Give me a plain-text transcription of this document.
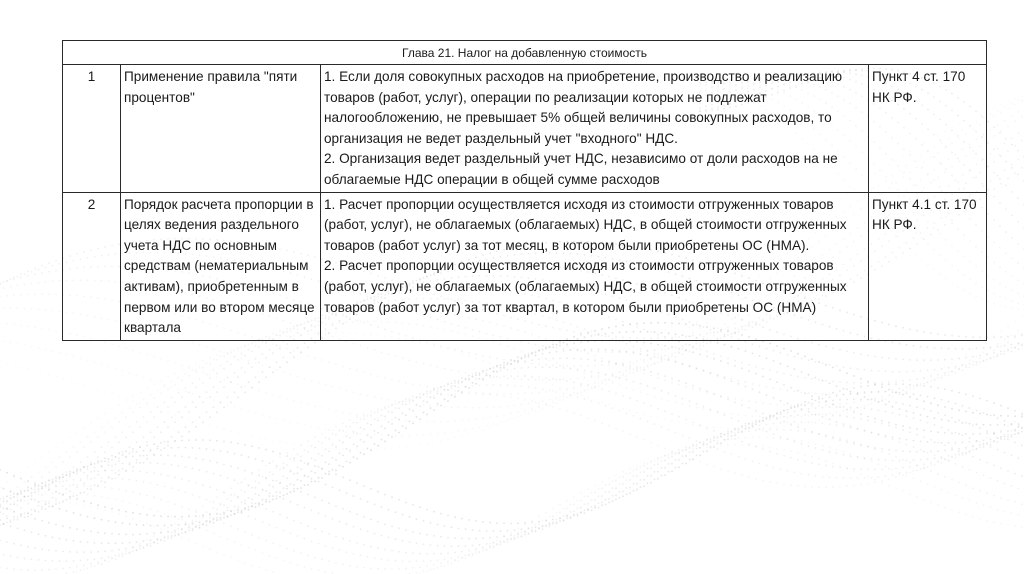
Глава 21. Налог на добавленную стоимость			
1	Применение правила "пяти процентов"	1. Если доля совокупных расходов на приобретение, производство и реализацию товаров (работ, услуг), операции по реализации которых не подлежат налогообложению, не превышает 5% общей величины совокупных расходов, то организация не ведет раздельный учет "входного" НДС.
2. Организация ведет раздельный учет НДС, независимо от доли расходов на не облагаемые НДС операции в общей сумме расходов	Пункт 4 ст. 170 НК РФ.
2	Порядок расчета пропорции в целях ведения раздельного учета НДС по основным средствам (нематериальным активам), приобретенным в первом или во втором месяце квартала	1. Расчет пропорции осуществляется исходя из стоимости отгруженных товаров (работ, услуг), не облагаемых (облагаемых) НДС, в общей стоимости отгруженных товаров (работ услуг) за тот месяц, в котором были приобретены ОС (НМА).
2. Расчет пропорции осуществляется исходя из стоимости отгруженных товаров (работ, услуг), не облагаемых (облагаемых) НДС, в общей стоимости отгруженных товаров (работ услуг) за тот квартал, в котором были приобретены ОС (НМА)	Пункт 4.1 ст. 170 НК РФ.
